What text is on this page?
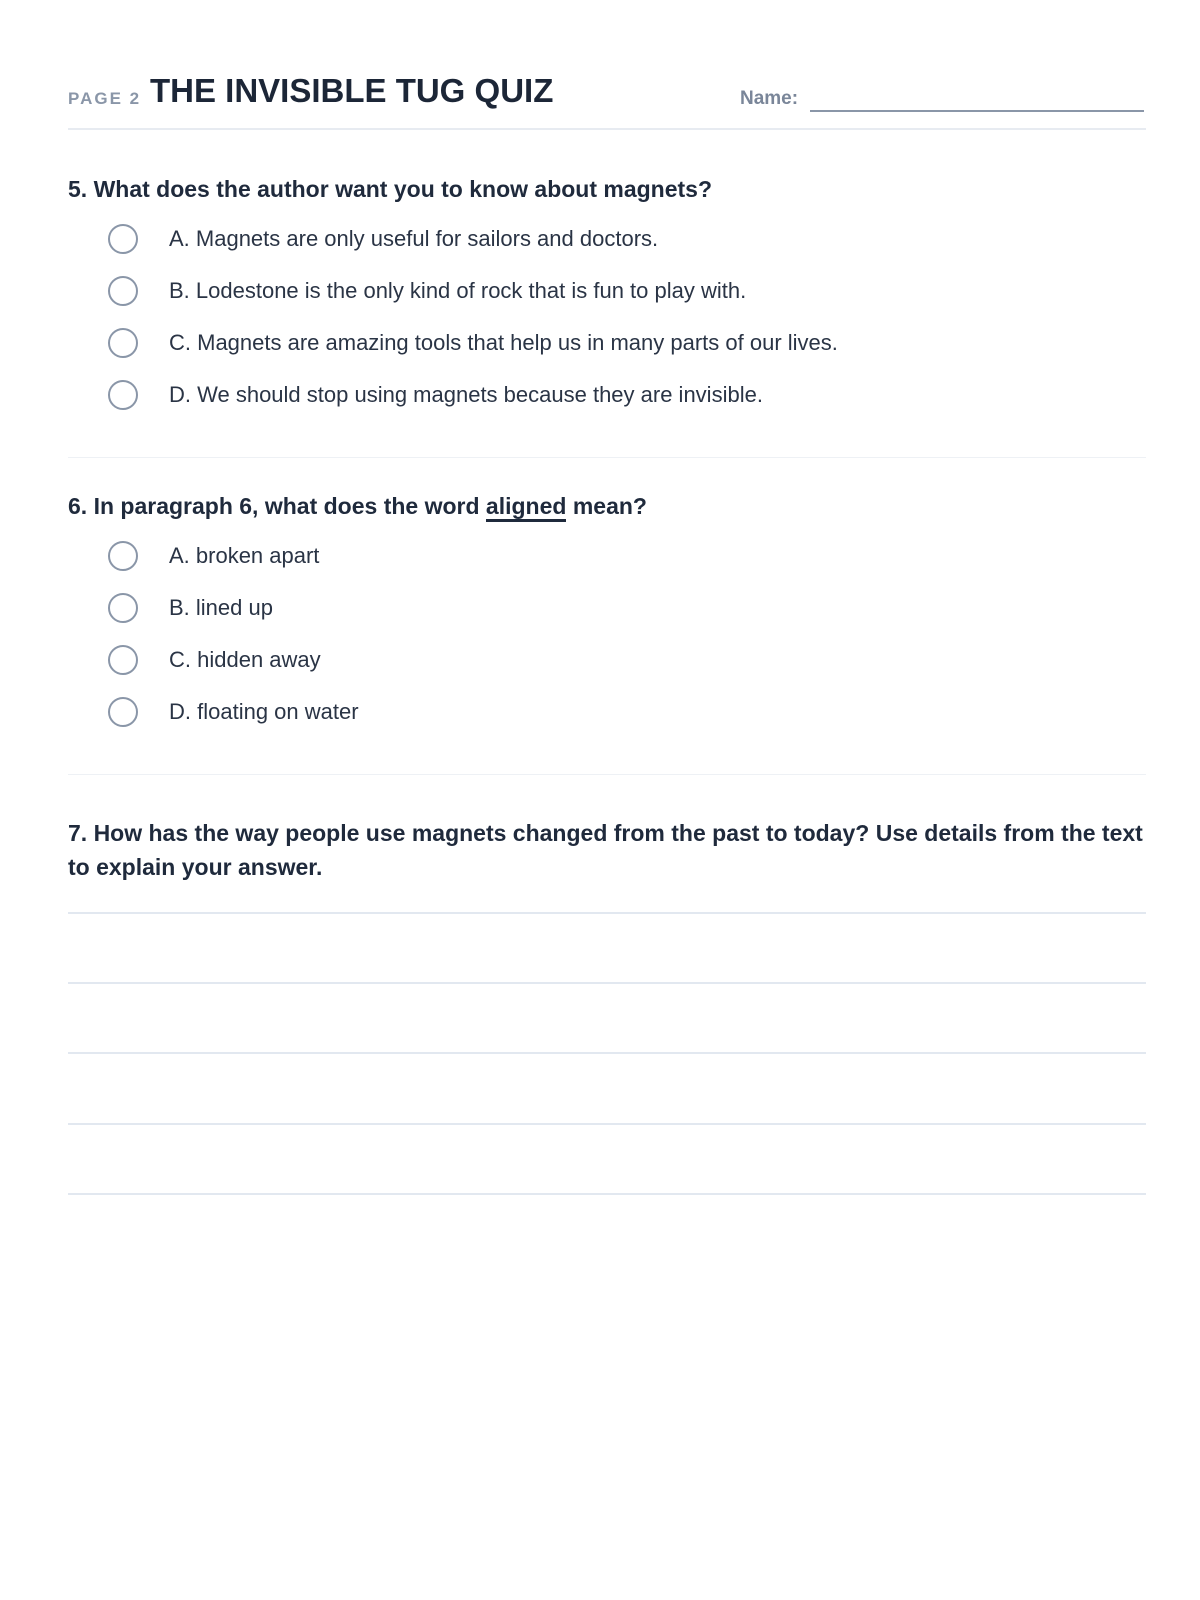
PAGE 2 THE INVISIBLE TUG QUIZ	Name:
5. What does the author want you to know about magnets?
A. Magnets are only useful for sailors and doctors.
B. Lodestone is the only kind of rock that is fun to play with.
C. Magnets are amazing tools that help us in many parts of our lives.
D. We should stop using magnets because they are invisible.
6. In paragraph 6, what does the word aligned mean?
A. broken apart
B. lined up
C. hidden away
D. floating on water
7. How has the way people use magnets changed from the past to today? Use details from the text to explain your answer.
